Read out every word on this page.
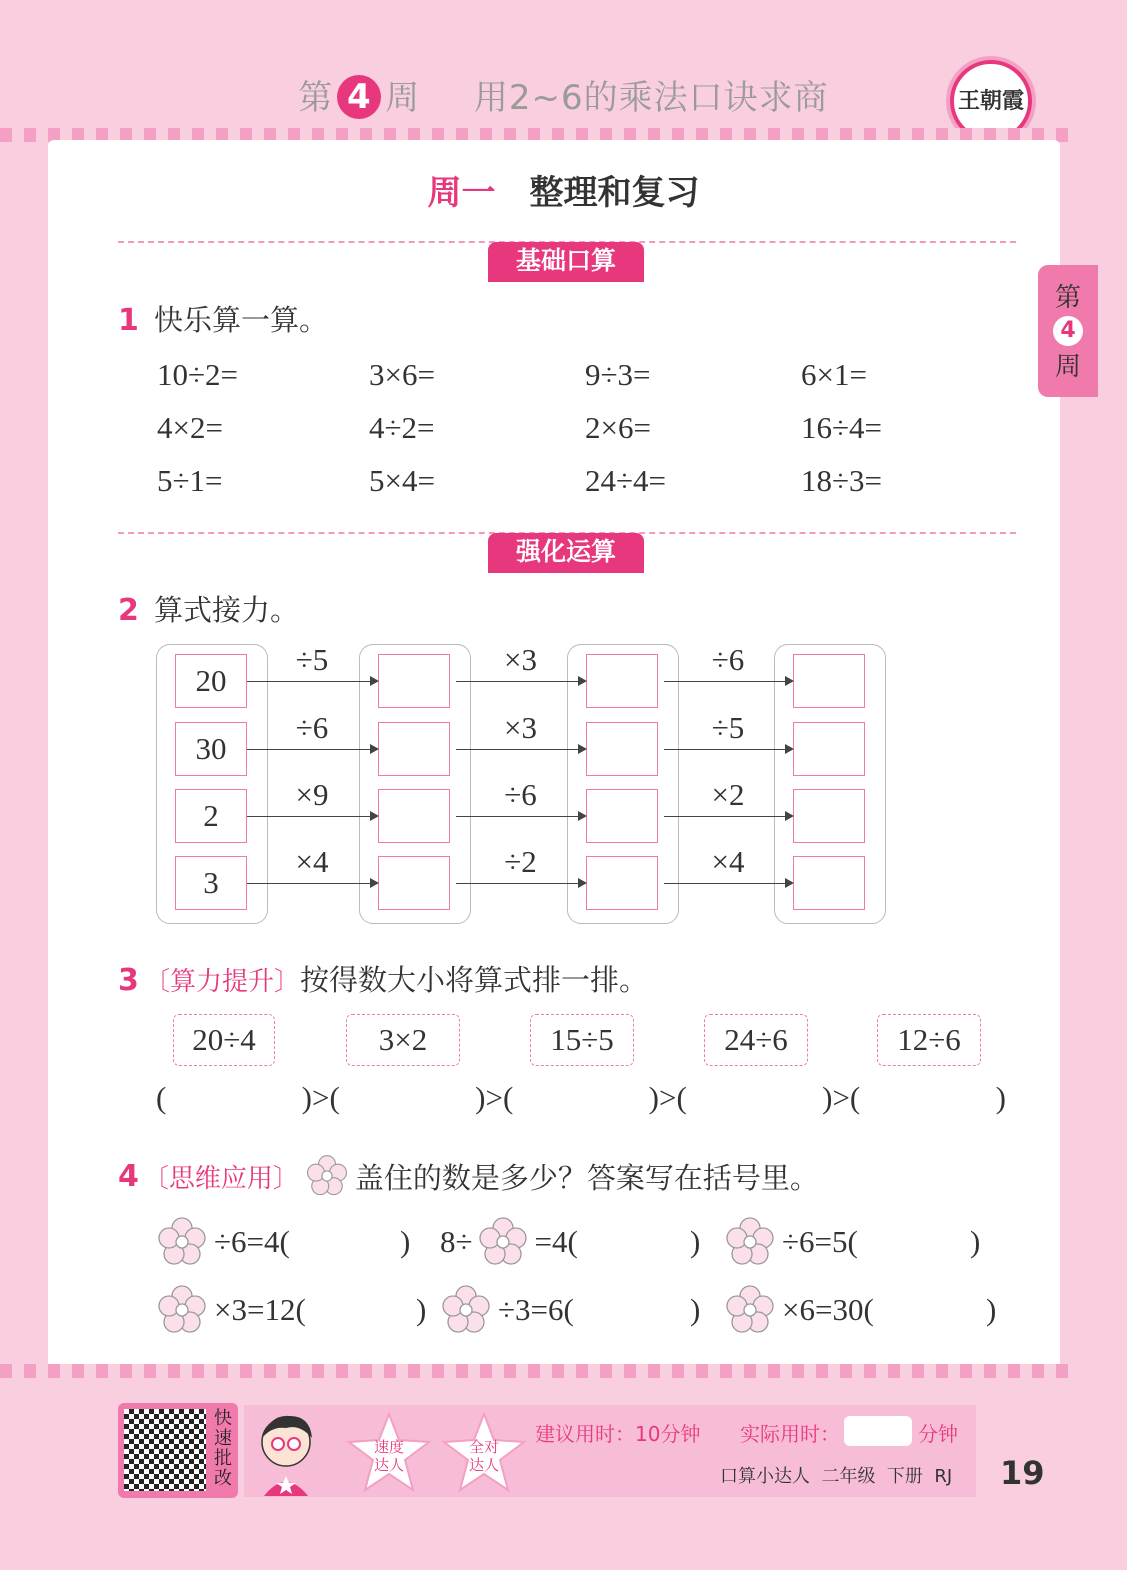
第 4 周 用2~6的乘法口诀求商	王朝霞
第
4
周
周一 整理和复习
基础口算
1 快乐算一算。
10÷2=	3×6=	9÷3=	6×1=
4×2=	4÷2=	2×6=	16÷4=
5÷1=	5×4=	24÷4=	18÷3=
强化运算
2 算式接力。
20
÷5	×3	÷6
30
÷6	×3	÷5
2
×9	÷6	×2
3
×4	÷2	×4
3 〔算力提升〕按得数大小将算式排一排。
20÷4	3×2	15÷5	24÷6	12÷6
(	)>(	)>(	)>(	)>(	)
4 〔思维应用〕 盖住的数是多少？答案写在括号里。
÷6=4(	) 8÷ =4(	)	÷6=5(	)
×3=12(	) ÷3=6(	)	×6=30(	)
快速批改
速度达人
全对达人
建议用时：10分钟 实际用时：	分钟
口算小达人  二年级  下册  RJ 19
